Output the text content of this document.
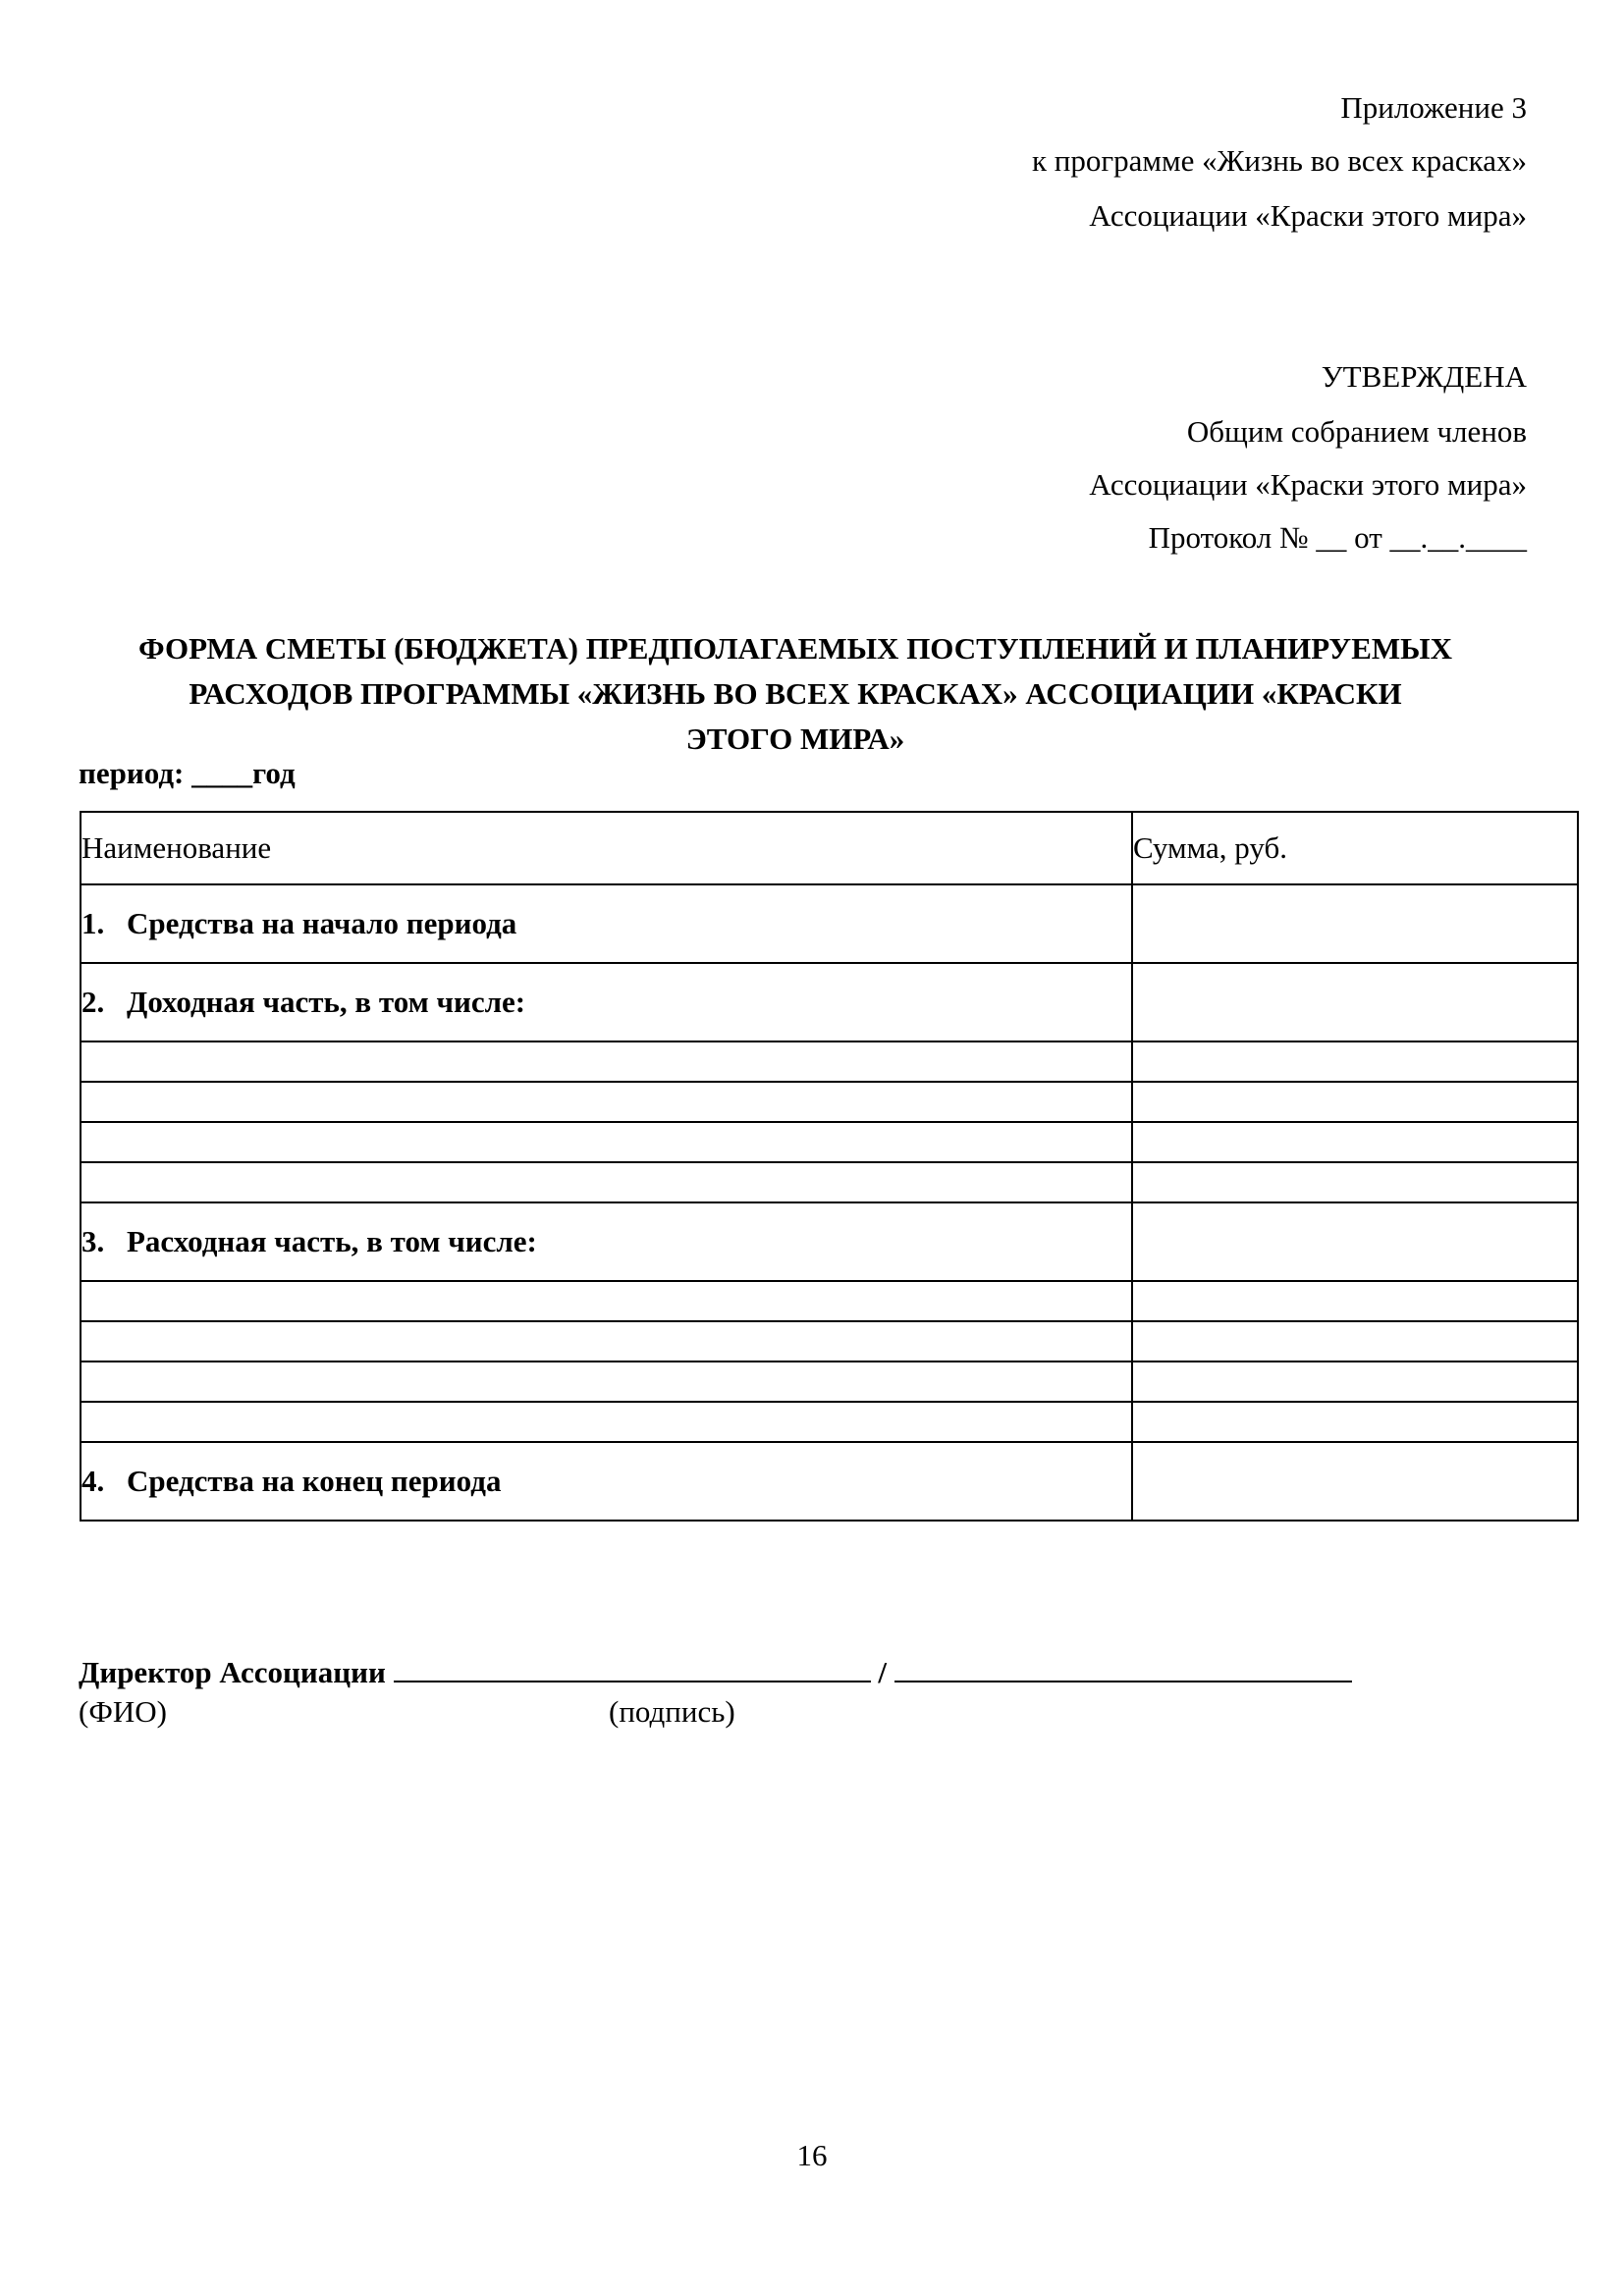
Приложение 3
к программе «Жизнь во всех красках»
Ассоциации «Краски этого мира»
УТВЕРЖДЕНА
Общим собранием членов
Ассоциации «Краски этого мира»
Протокол № __ от __.__.____
ФОРМА СМЕТЫ (БЮДЖЕТА) ПРЕДПОЛАГАЕМЫХ ПОСТУПЛЕНИЙ И ПЛАНИРУЕМЫХ
РАСХОДОВ ПРОГРАММЫ «ЖИЗНЬ ВО ВСЕХ КРАСКАХ» АССОЦИАЦИИ «КРАСКИ
ЭТОГО МИРА»
период: ____год
Наименование	Сумма, руб.
1. Средства на начало периода	
2. Доходная часть, в том числе:	

3. Расходная часть, в том числе:	

4. Средства на конец периода	
Директор Ассоциации	/
(ФИО)	(подпись)
16
